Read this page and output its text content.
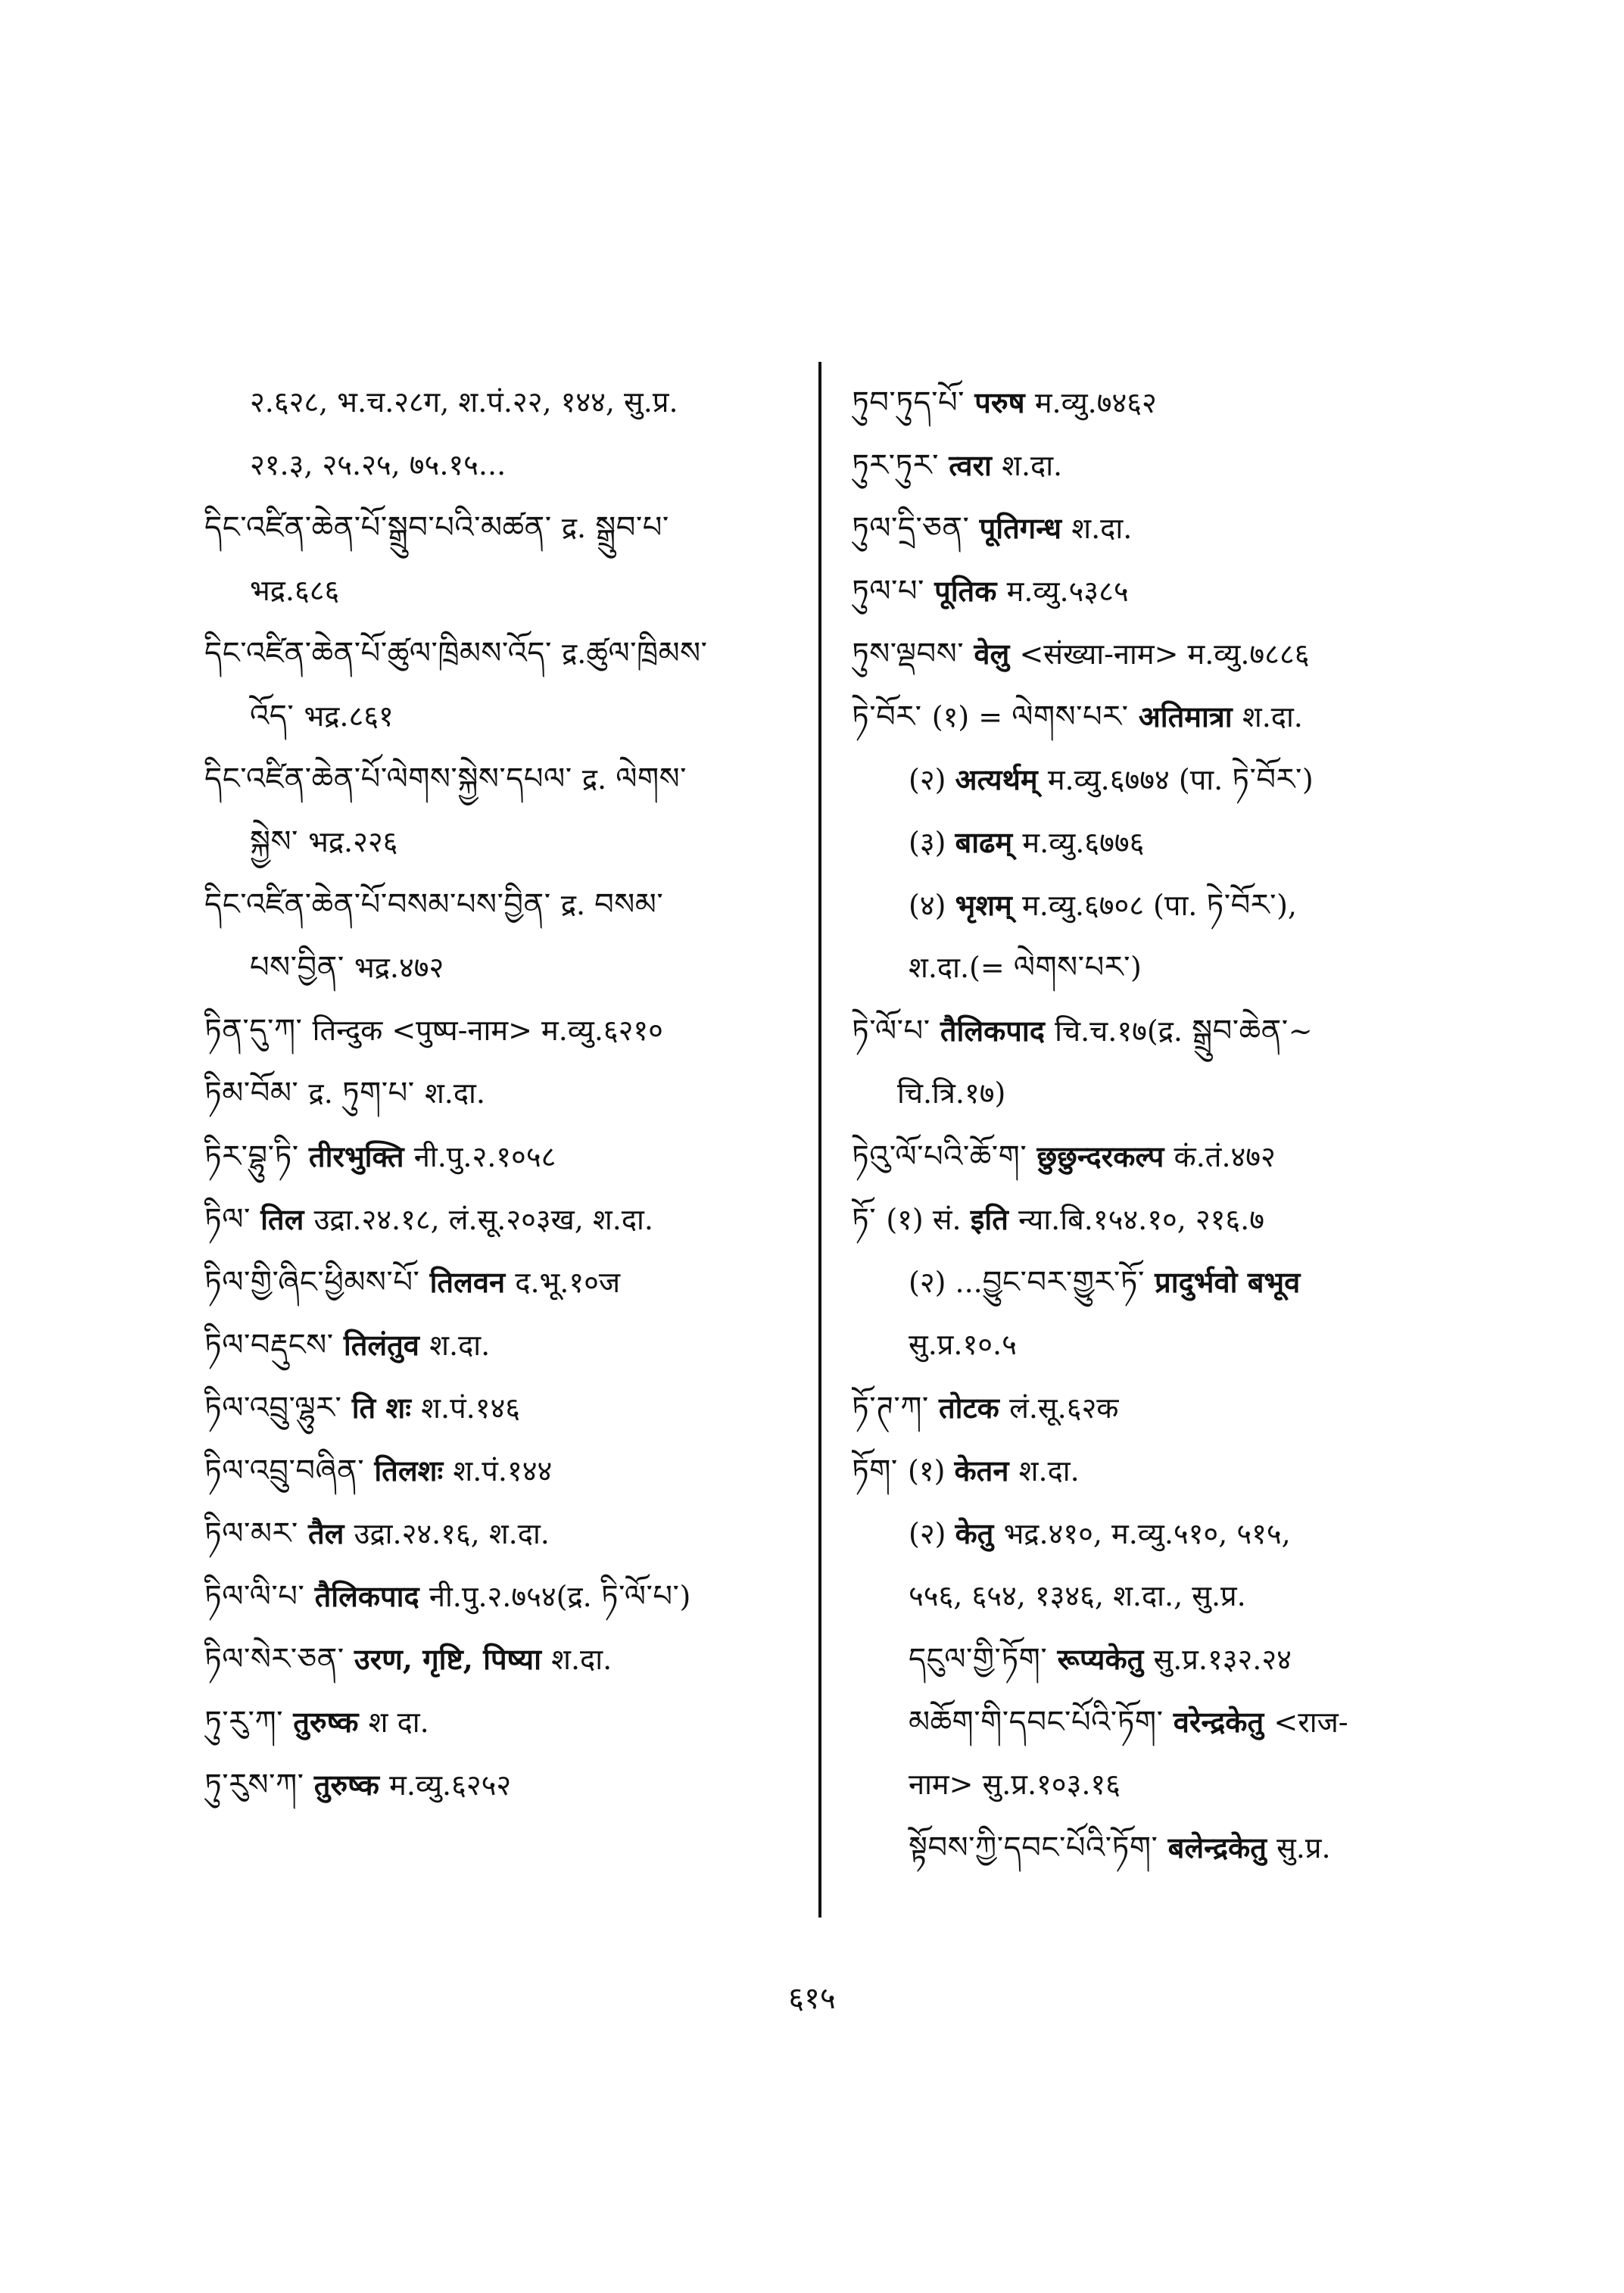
२.६२८, भ.च.२८ग, श.पं.२२, १४४, सु.प्र.
२१.३, २५.२५, ७५.१५...
དིང་འཛིན་ཆེན་པོ་སྒྲུབ་པའི་མཚན་ द्र. སྒྲུབ་པ་
भद्र.६८६
དིང་འཛིན་ཆེན་པོ་ཚུལ་ཁྲིམས་འོད་ द्र.ཚུལ་ཁྲིམས་
འོད་ भद्र.८६१
དིང་འཛིན་ཆེན་པོ་ལེགས་སྐྱེས་དཔལ་ द्र. ལེགས་
སྐྱེས་ भद्र.२२६
དིང་འཛིན་ཆེན་པོ་བསམ་པས་བྱིན་ द्र. བསམ་
པས་བྱིན་ भद्र.४७२
ཏིན་དུ་ཀ་ तिन्दुक <पुष्प-नाम> म.व्यु.६२१०
ཏིམ་བོམ་ द्र. ཏུག་པ་ श.दा.
ཏིར་བྷུ་ཏི་ तीरभुक्ति नी.पु.२.१०५८
ཏིལ་ तिल उद्रा.२४.१८, लं.सू.२०३ख, श.दा.
ཏིལ་གྱི་ཞིང་ཕྱིམས་པོ་ तिलवन द.भू.१०ज
ཏིལ་བརྡུངས་ तिलंतुव श.दा.
ཏིལ་འབྲུ་ལྷུར་ ति शः श.पं.१४६
ཏིལ་འབྲུ་བཞིན་ तिलशः श.पं.१४४
ཏིལ་མར་ तैल उद्रा.२४.१६, श.दा.
ཏིལ་ལི་པ་ तैलिकपाद नी.पु.२.७५४(द्र. ཏི་ལོ་པ་)
ཏིལ་སེར་ཅན་ उरण, गृष्टि, पिष्या श.दा.
ཏུ་རུ་ཀ་ तुरुष्क श दा.
ཏུ་རུས་ཀ་ तुरुष्क म.व्यु.६२५२
ཏུབ་ཏུད་པོ་ परुष म.व्यु.७४६२
ཏུར་ཏུར་ त्वरा श.दा.
ཏུལ་དྲི་ཅན་ पूतिगन्ध श.दा.
ཏུལ་པ་ पूतिक म.व्यु.५३८५
ཏུས་ལྡབས་ वेलु <संख्या-नाम> म.व्यु.७८८६
ཏེ་བོར་ (१) = ལེགས་པར་ अतिमात्रा श.दा.
(२) अत्यर्थम् म.व्यु.६७७४ (पा. ཏེ་བོར་)
(३) बाढम् म.व्यु.६७७६
(४) भृशम् म.व्यु.६७०८ (पा. ཏེ་བོར་),
श.दा.(= ལེགས་པར་)
ཏེ་ལོ་པ་ तैलिकपाद चि.च.१७(द्र. སྒྲུབ་ཆེན་~
चि.त्रि.१७)
ཏེའུ་ལོ་པའི་ཆོ་ག་ छुछुन्दरकल्प कं.तं.४७२
ཏོ་ (१) सं. इति न्या.बि.१५४.१०, २१६.७
(२) ...བྱུང་བར་གྱུར་ཏོ་ प्रादुर्भवो बभूव
सु.प्र.१०.५
ཏོ་ཊ་ཀ་ तोटक लं.सू.६२क
ཏོག་ (१) केतन श.दा.
(२) केतु भद्र.४१०, म.व्यु.५१०, ५१५,
५५६, ६५४, १३४६, श.दा., सु.प्र.
དངུལ་གྱི་ཏོག་ रूप्यकेतु सु.प्र.१३२.२४
མཆོག་གི་དབང་པོའི་ཏོག་ वरेन्द्रकेतु <राज-
नाम> सु.प्र.१०३.१६
སྟོབས་ཀྱི་དབང་པོའི་ཏོག་ बलेन्द्रकेतु सु.प्र.
६१५
